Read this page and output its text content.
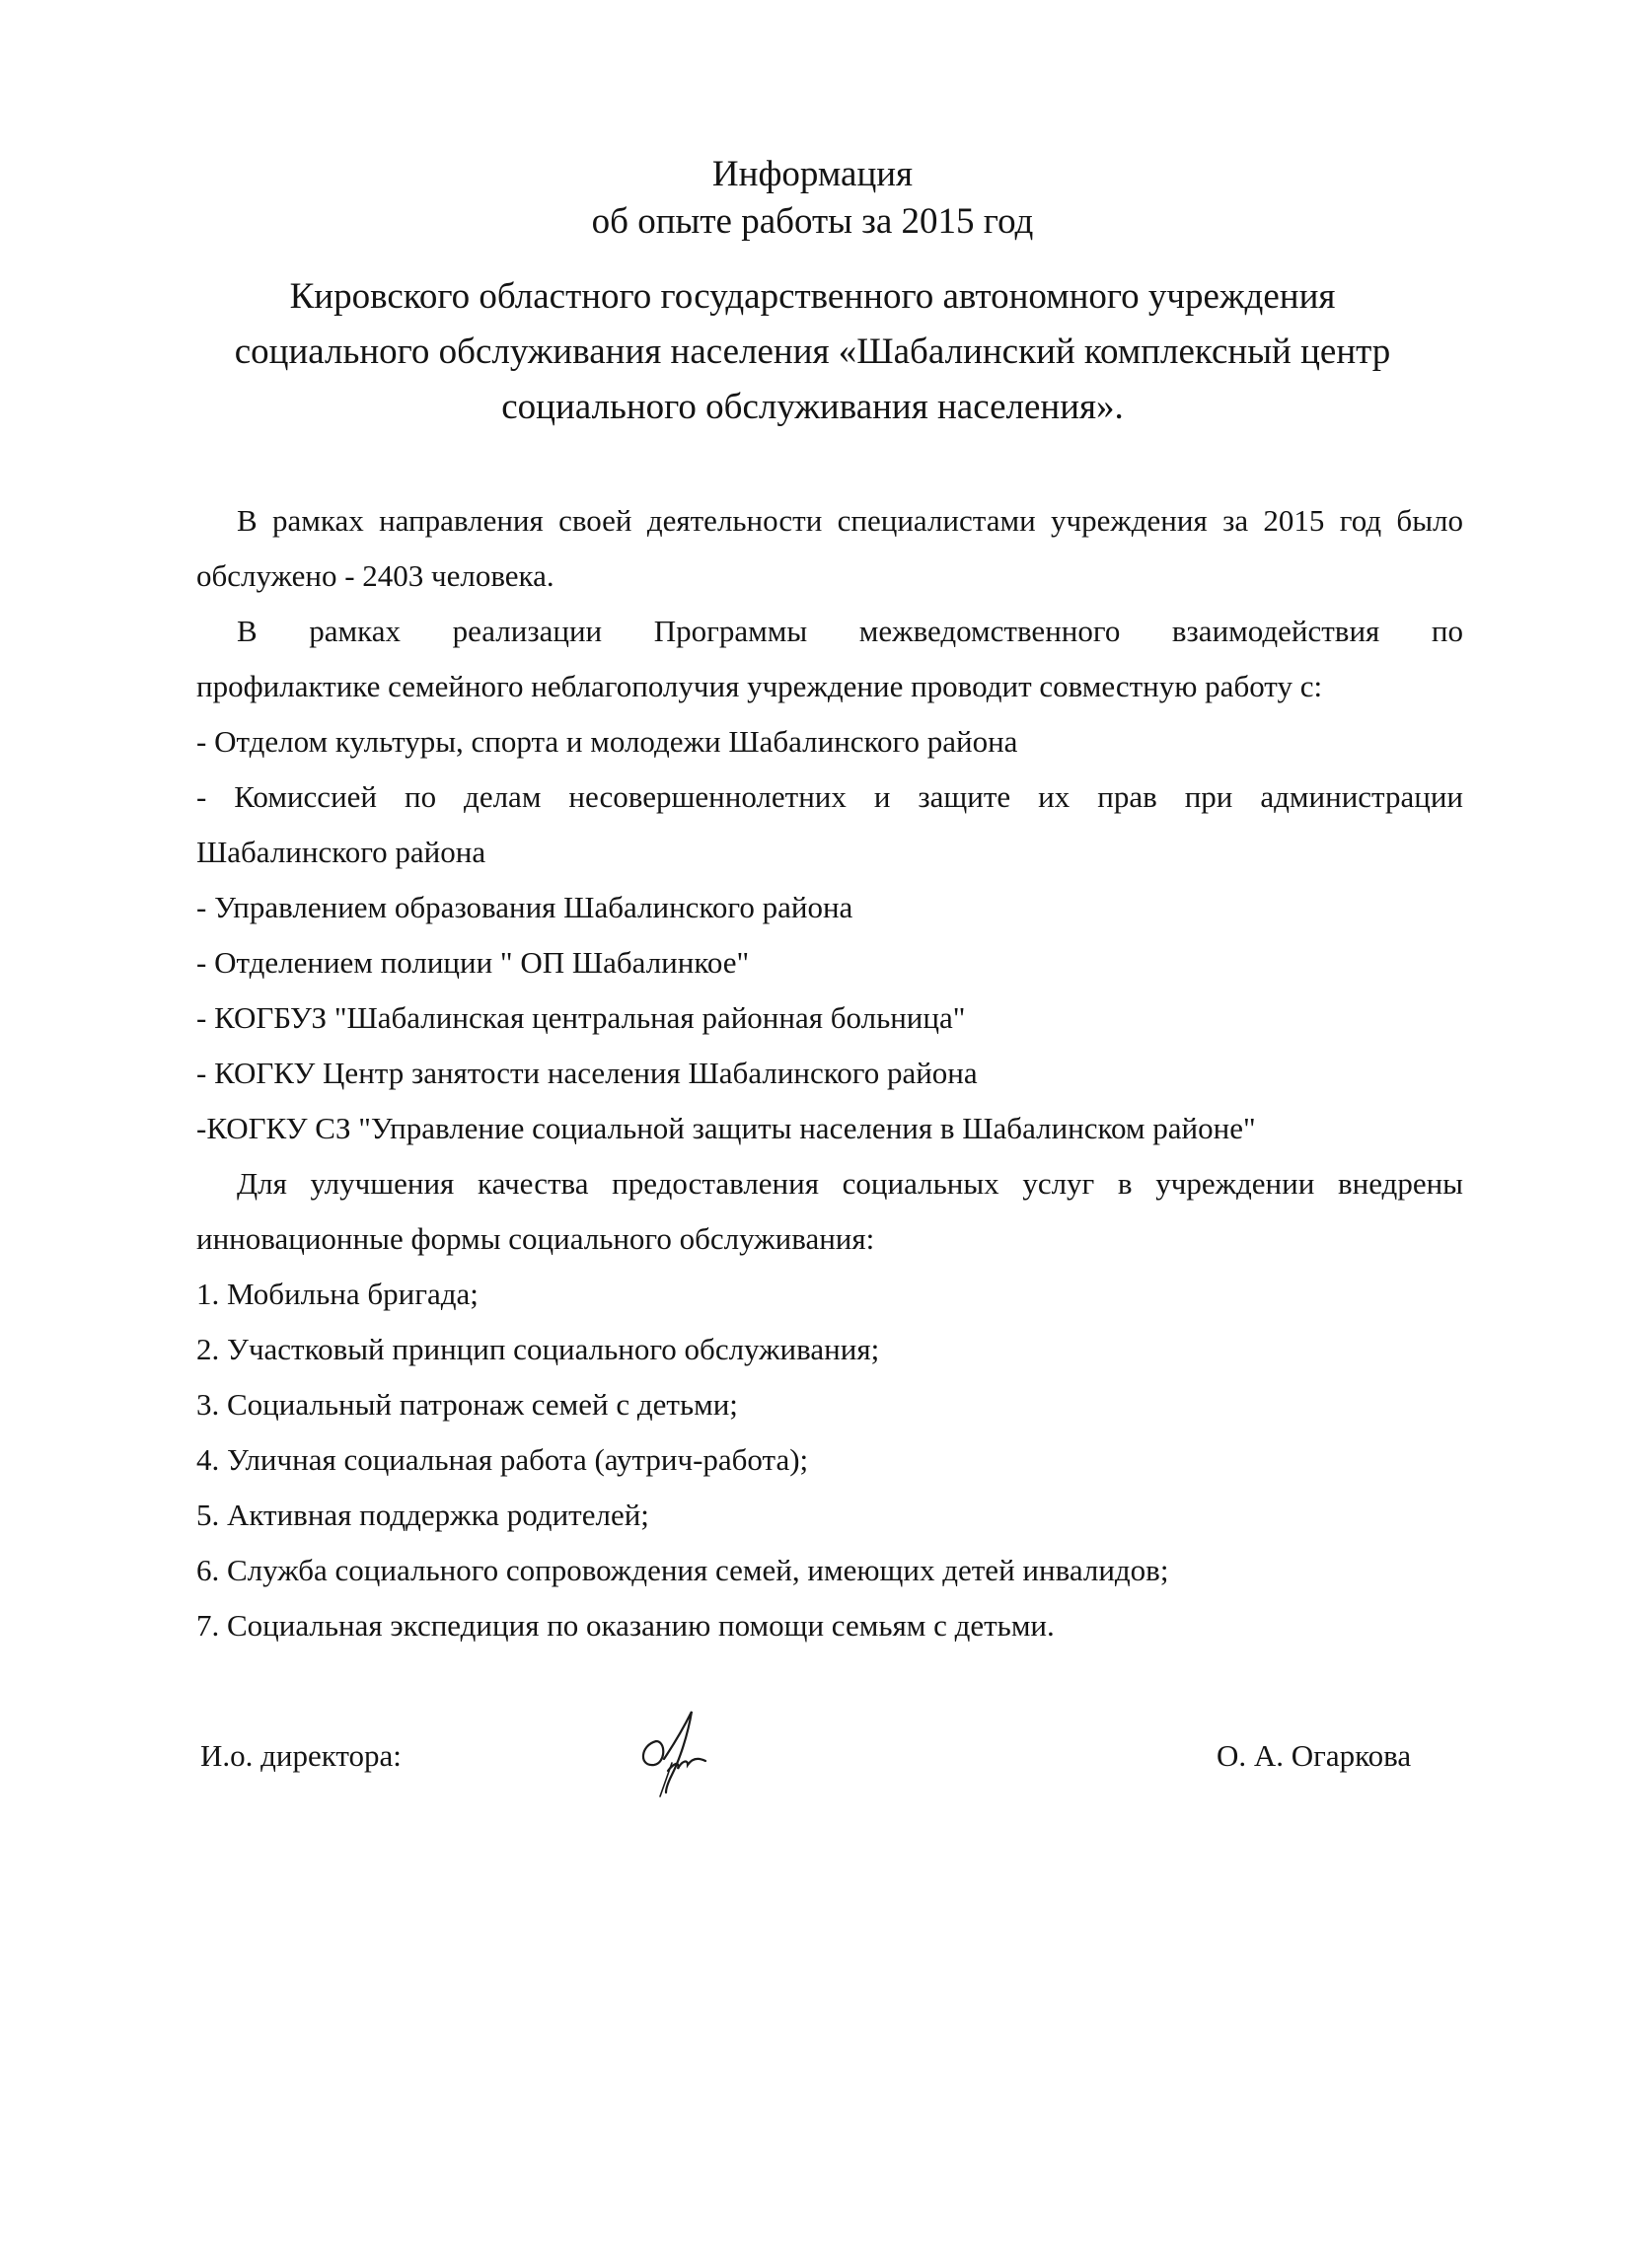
Информация
об опыте работы за 2015 год
Кировского областного государственного автономного учреждения
социального обслуживания населения «Шабалинский комплексный центр
социального обслуживания населения».
В рамках направления своей деятельности специалистами учреждения за 2015 год было
обслужено - 2403 человека.
В рамках реализации Программы межведомственного взаимодействия по
профилактике семейного неблагополучия учреждение проводит совместную работу с:
- Отделом культуры, спорта и молодежи Шабалинского района
- Комиссией по делам несовершеннолетних и защите их прав при администрации
Шабалинского района
- Управлением образования Шабалинского района
- Отделением полиции " ОП Шабалинкое"
- КОГБУЗ "Шабалинская центральная районная больница"
- КОГКУ Центр занятости населения Шабалинского района
-КОГКУ СЗ "Управление социальной защиты населения в Шабалинском районе"
Для улучшения качества предоставления социальных услуг в учреждении внедрены
инновационные формы социального обслуживания:
1. Мобильна бригада;
2. Участковый принцип социального обслуживания;
3. Социальный патронаж семей с детьми;
4. Уличная социальная работа (аутрич-работа);
5. Активная поддержка родителей;
6. Служба социального сопровождения семей, имеющих детей инвалидов;
7. Социальная экспедиция по оказанию помощи семьям с детьми.
И.о. директора:	О. А. Огаркова
